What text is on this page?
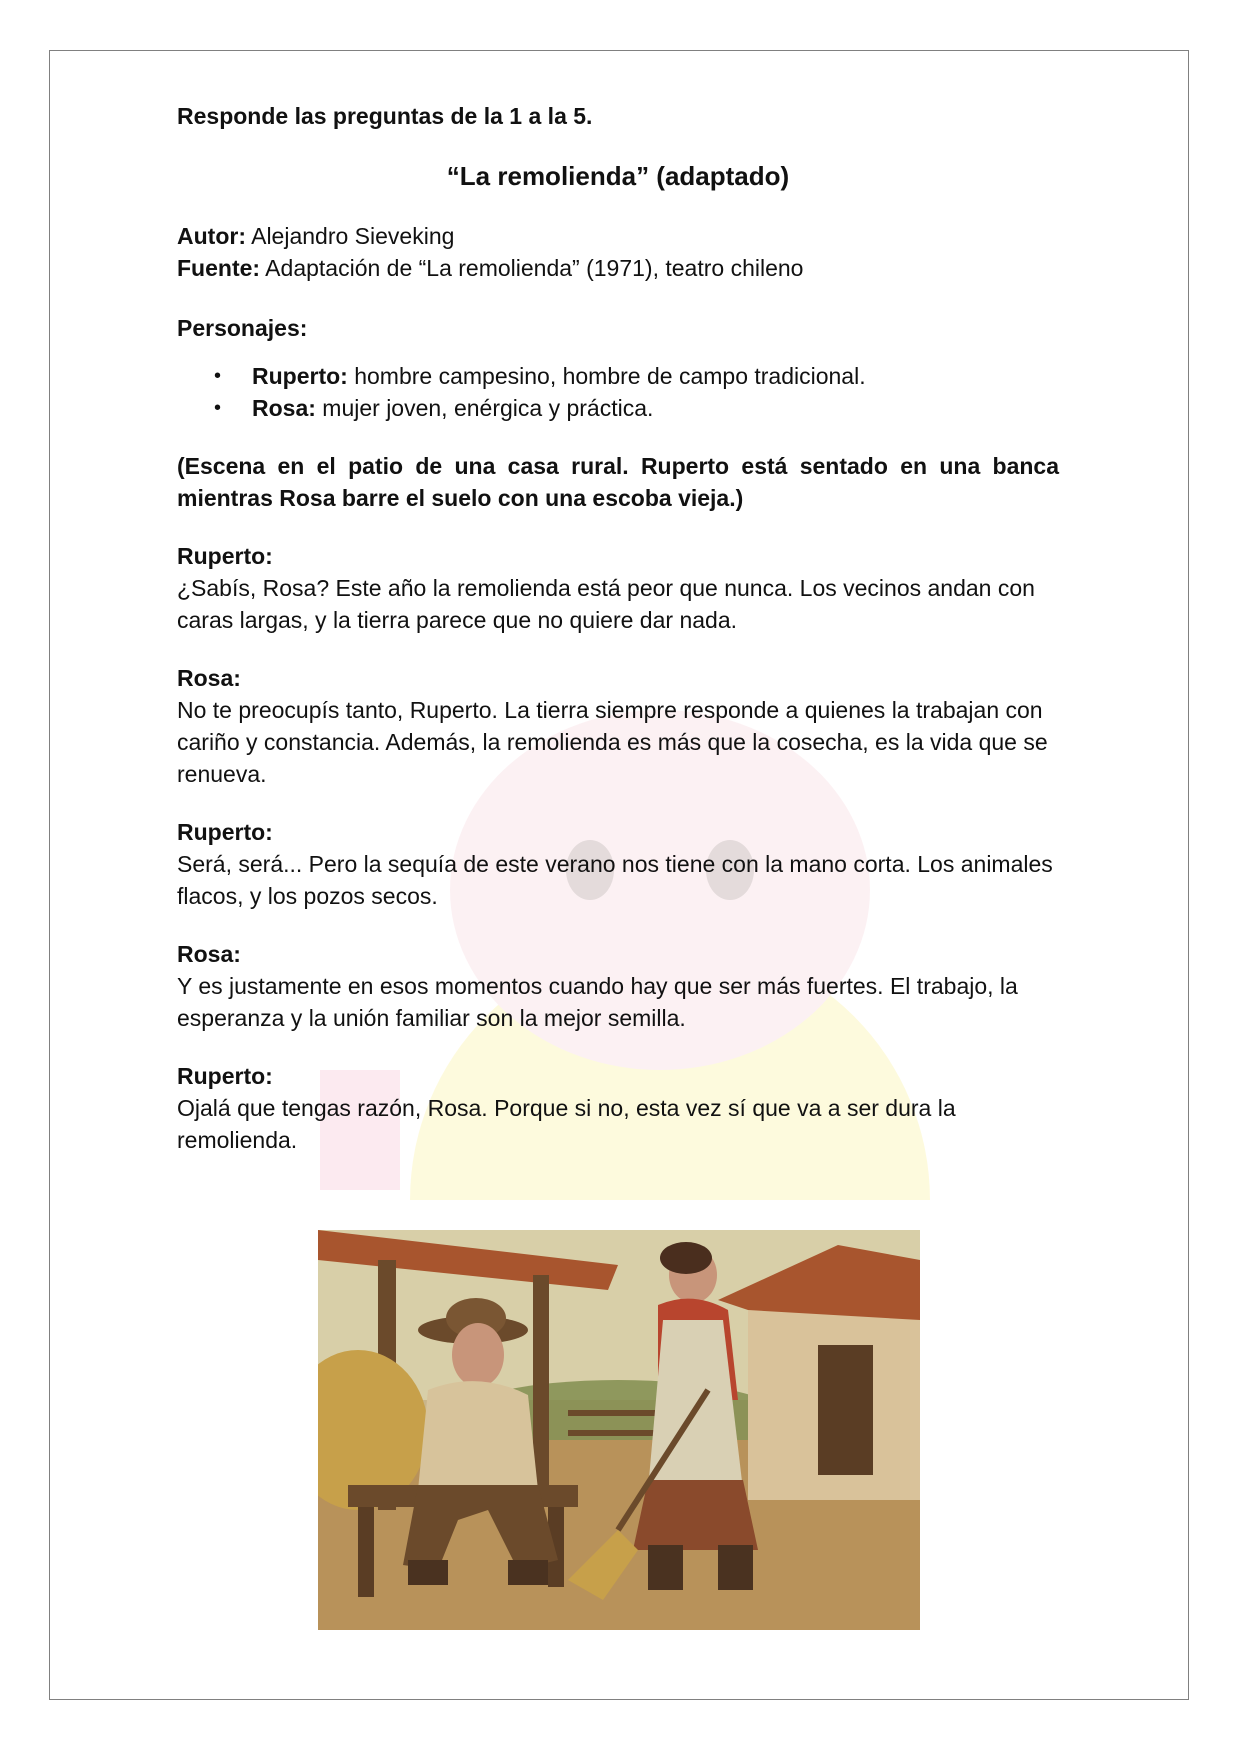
Responde las preguntas de la 1 a la 5.

“La remolienda” (adaptado)

Autor: Alejandro Sieveking
Fuente: Adaptación de “La remolienda” (1971), teatro chileno

Personajes:

• Ruperto: hombre campesino, hombre de campo tradicional.
• Rosa: mujer joven, enérgica y práctica.

(Escena en el patio de una casa rural. Ruperto está sentado en una banca mientras Rosa barre el suelo con una escoba vieja.)

Ruperto:
¿Sabís, Rosa? Este año la remolienda está peor que nunca. Los vecinos andan con caras largas, y la tierra parece que no quiere dar nada.
Rosa:
No te preocupís tanto, Ruperto. La tierra siempre responde a quienes la trabajan con cariño y constancia. Además, la remolienda es más que la cosecha, es la vida que se renueva.
Ruperto:
Será, será... Pero la sequía de este verano nos tiene con la mano corta. Los animales flacos, y los pozos secos.
Rosa:
Y es justamente en esos momentos cuando hay que ser más fuertes. El trabajo, la esperanza y la unión familiar son la mejor semilla.
Ruperto:
Ojalá que tengas razón, Rosa. Porque si no, esta vez sí que va a ser dura la remolienda.
